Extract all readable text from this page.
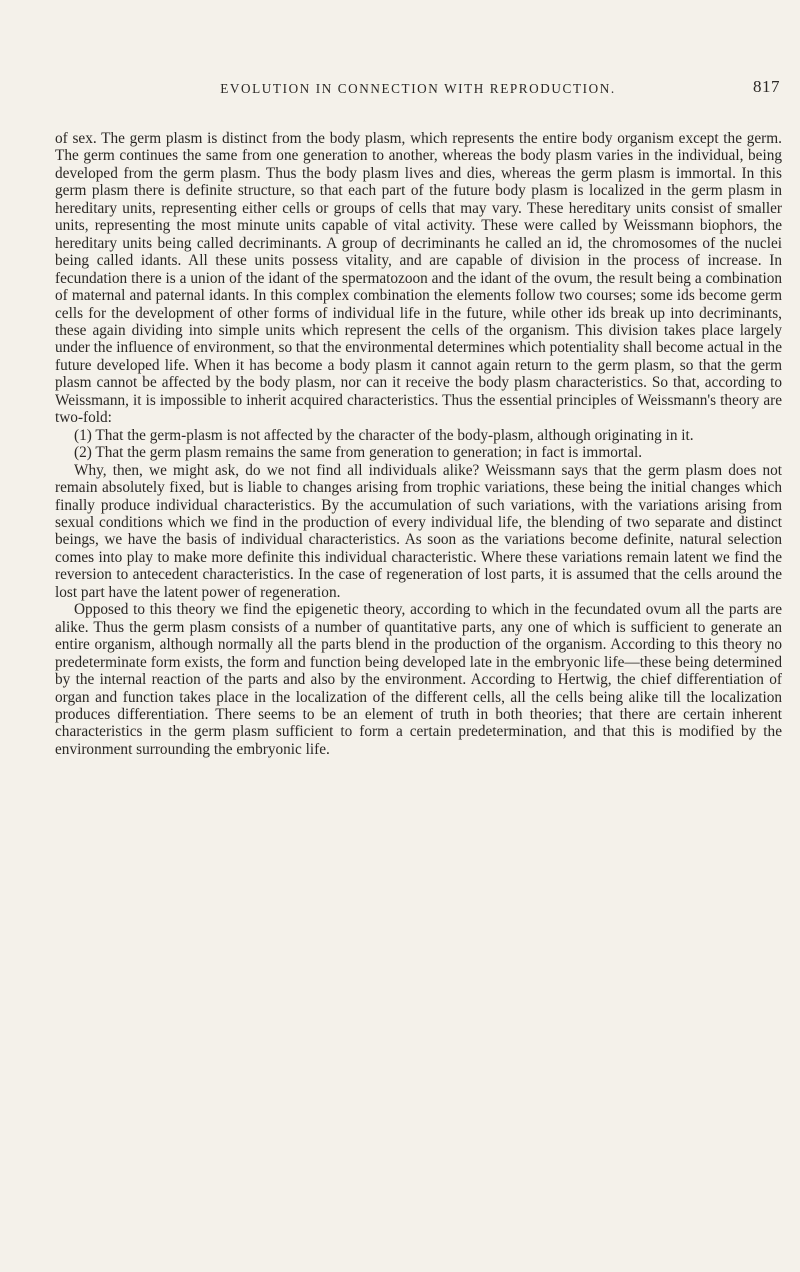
EVOLUTION IN CONNECTION WITH REPRODUCTION.	817

of sex. The germ plasm is distinct from the body plasm, which represents the entire body organism except the germ. The germ continues the same from one generation to another, whereas the body plasm varies in the individual, being developed from the germ plasm. Thus the body plasm lives and dies, whereas the germ plasm is immortal. In this germ plasm there is definite structure, so that each part of the future body plasm is localized in the germ plasm in hereditary units, representing either cells or groups of cells that may vary. These hereditary units consist of smaller units, representing the most minute units capable of vital activity. These were called by Weissmann biophors, the hereditary units being called decriminants. A group of decriminants he called an id, the chromosomes of the nuclei being called idants. All these units possess vitality, and are capable of division in the process of increase. In fecundation there is a union of the idant of the spermatozoon and the idant of the ovum, the result being a combination of maternal and paternal idants. In this complex combination the elements follow two courses; some ids become germ cells for the development of other forms of individual life in the future, while other ids break up into decriminants, these again dividing into simple units which represent the cells of the organism. This division takes place largely under the influence of environment, so that the environmental determines which potentiality shall become actual in the future developed life. When it has become a body plasm it cannot again return to the germ plasm, so that the germ plasm cannot be affected by the body plasm, nor can it receive the body plasm characteristics. So that, according to Weissmann, it is impossible to inherit acquired characteristics. Thus the essential principles of Weissmann's theory are two-fold:

(1) That the germ-plasm is not affected by the character of the body-plasm, although originating in it.

(2) That the germ plasm remains the same from generation to generation; in fact is immortal.

Why, then, we might ask, do we not find all individuals alike? Weissmann says that the germ plasm does not remain absolutely fixed, but is liable to changes arising from trophic variations, these being the initial changes which finally produce individual characteristics. By the accumulation of such variations, with the variations arising from sexual conditions which we find in the production of every individual life, the blending of two separate and distinct beings, we have the basis of individual characteristics. As soon as the variations become definite, natural selection comes into play to make more definite this individual characteristic. Where these variations remain latent we find the reversion to antecedent characteristics. In the case of regeneration of lost parts, it is assumed that the cells around the lost part have the latent power of regeneration.

Opposed to this theory we find the epigenetic theory, according to which in the fecundated ovum all the parts are alike. Thus the germ plasm consists of a number of quantitative parts, any one of which is sufficient to generate an entire organism, although normally all the parts blend in the production of the organism. According to this theory no predeterminate form exists, the form and function being developed late in the embryonic life—these being determined by the internal reaction of the parts and also by the environment. According to Hertwig, the chief differentiation of organ and function takes place in the localization of the different cells, all the cells being alike till the localization produces differentiation. There seems to be an element of truth in both theories; that there are certain inherent characteristics in the germ plasm sufficient to form a certain predetermination, and that this is modified by the environment surrounding the embryonic life.
